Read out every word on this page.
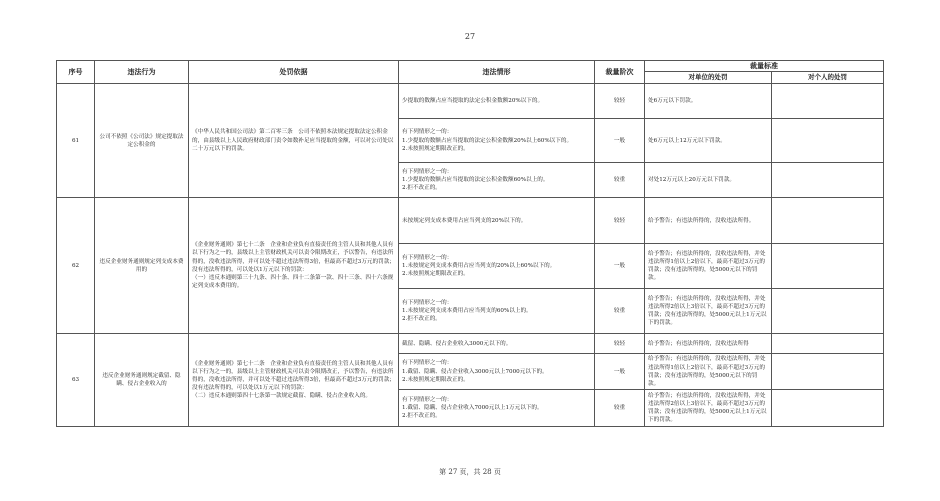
27
序号	违法行为	处罚依据	违法情形	裁量阶次	裁量标准	
					对单位的处罚	对个人的处罚
61	公司不依照《公司法》规定提取法定公积金的	《中华人民共和国公司法》第二百零三条　公司不依照本法规定提取法定公积金的，由县级以上人民政府财政部门责令如数补足应当提取的金额，可以对公司处以二十万元以下的罚款。	少提取的数额占应当提取的法定公积金数额20%以下的。	较轻	处6万元以下罚款。	

			有下列情形之一的：
1.少提取的数额占应当提取的法定公积金数额20%以上60%以下的。
2.未按照规定期限改正的。	一般	处6万元以上12万元以下罚款。	

			有下列情形之一的：
1.少提取的数额占应当提取的法定公积金数额60%以上的。
2.拒不改正的。	较重	对处12万元以上20万元以下罚款。	
62	违反企业财务通则规定列支成本费用的	《企业财务通则》第七十二条　企业和企业负有直接责任的主管人员和其他人员有以下行为之一的，县级以上主管财政机关可以责令限期改正，予以警告，有违法所得的，没收违法所得，并可以处不超过违法所得3倍，但最高不超过3万元的罚款；没有违法所得的，可以处以1万元以下的罚款：
（一）违反本通则第三十九条、四十条、四十二条第一款、四十三条、四十六条规定列支成本费用的。	未按规定列支成本费用占应当列支的20%以下的。	较轻	给予警告；有违法所得的，没收违法所得。	

			有下列情形之一的：
1.未按规定列支成本费用占应当列支的20%以上60%以下的。
2.未按照规定期限改正的。	一般	给予警告；有违法所得的，没收违法所得，并处违法所得1倍以上2倍以下，最高不超过3万元的罚款；没有违法所得的，处5000元以下的罚款。	

			有下列情形之一的：
1.未按规定列支成本费用占应当列支的60%以上的。
2.拒不改正的。	较重	给予警告；有违法所得的，没收违法所得，并处违法所得2倍以上3倍以下，最高不超过3万元的罚款；没有违法所得的，处5000元以上1万元以下的罚款。	
63	违反企业财务通则规定截留、隐瞒、侵占企业收入的	《企业财务通则》第七十二条　企业和企业负有直接责任的主管人员和其他人员有以下行为之一的，县级以上主管财政机关可以责令限期改正，予以警告，有违法所得的，没收违法所得，并可以处不超过违法所得3倍，但最高不超过3万元的罚款；没有违法所得的，可以处以1万元以下的罚款：
（二）违反本通则第四十七条第一款规定截留、隐瞒、侵占企业收入的。	截留、隐瞒、侵占企业收入3000元以下的。	较轻	给予警告；有违法所得的，没收违法所得	

			有下列情形之一的：
1.截留、隐瞒、侵占企业收入3000元以上7000元以下的。
2.未按照规定期限改正的。	一般	给予警告；有违法所得的，没收违法所得，并处违法所得1倍以上2倍以下，最高不超过3万元的罚款；没有违法所得的，处5000元以下的罚款。	

			有下列情形之一的：
1.截留、隐瞒、侵占企业收入7000元以上1万元以下的。
2.拒不改正的。	较重	给予警告；有违法所得的，没收违法所得，并处违法所得2倍以上3倍以下，最高不超过3万元的罚款；没有违法所得的，处5000元以上1万元以下的罚款。	
第 27 页，共 28 页
